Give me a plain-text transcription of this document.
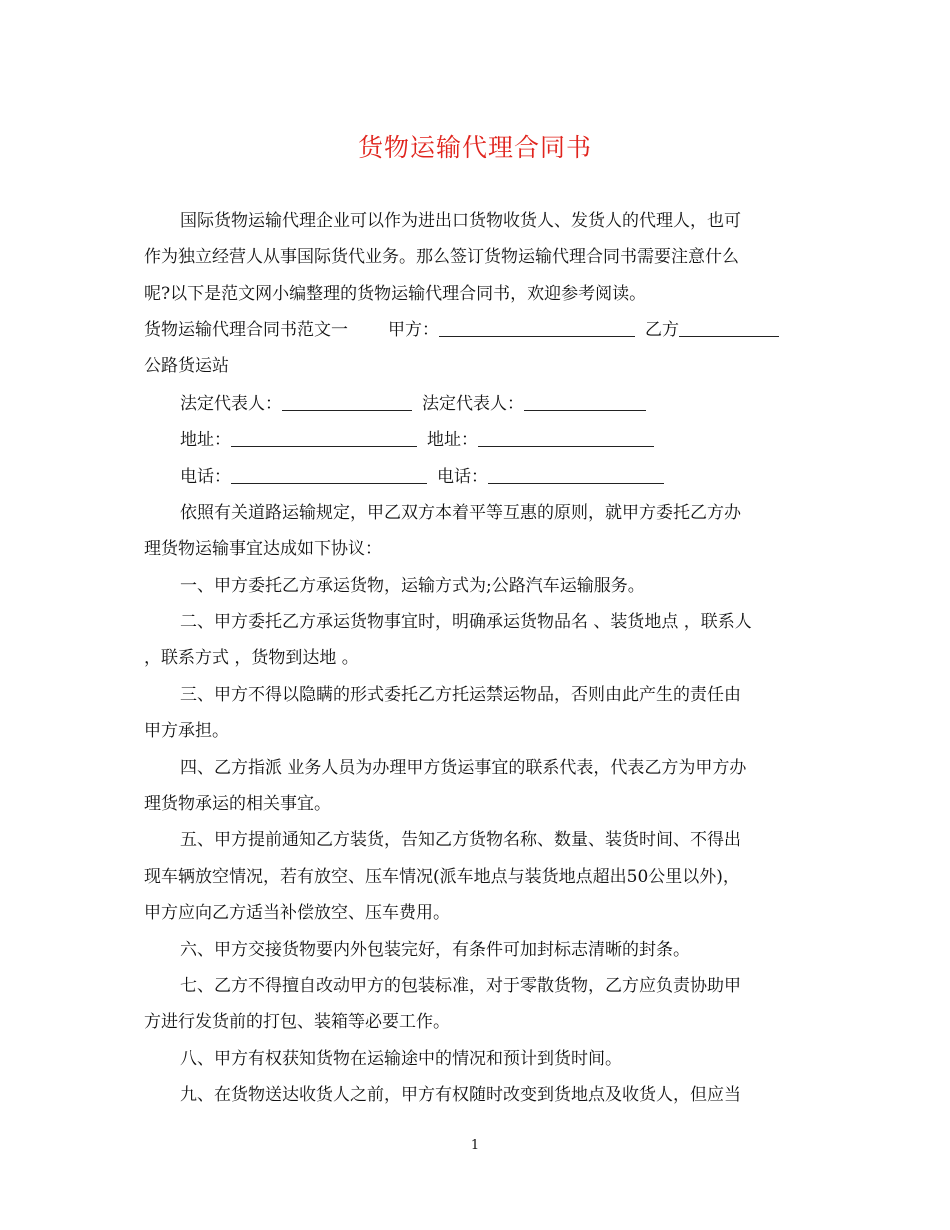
货物运输代理合同书
国际货物运输代理企业可以作为进出口货物收货人、发货人的代理人，也可
作为独立经营人从事国际货代业务。那么签订货物运输代理合同书需要注意什么
呢?以下是范文网小编整理的货物运输代理合同书，欢迎参考阅读。
货物运输代理合同书范文一 甲方：	乙方
公路货运站
法定代表人：	法定代表人：
地址：	地址：
电话：	电话：
依照有关道路运输规定，甲乙双方本着平等互惠的原则，就甲方委托乙方办
理货物运输事宜达成如下协议：
一、甲方委托乙方承运货物，运输方式为;公路汽车运输服务。
二、甲方委托乙方承运货物事宜时，明确承运货物品名 、装货地点 ，联系人
，联系方式 ，货物到达地 。
三、甲方不得以隐瞒的形式委托乙方托运禁运物品，否则由此产生的责任由
甲方承担。
四、乙方指派 业务人员为办理甲方货运事宜的联系代表，代表乙方为甲方办
理货物承运的相关事宜。
五、甲方提前通知乙方装货，告知乙方货物名称、数量、装货时间、不得出
现车辆放空情况，若有放空、压车情况(派车地点与装货地点超出50公里以外)，
甲方应向乙方适当补偿放空、压车费用。
六、甲方交接货物要内外包装完好，有条件可加封标志清晰的封条。
七、乙方不得擅自改动甲方的包装标准，对于零散货物，乙方应负责协助甲
方进行发货前的打包、装箱等必要工作。
八、甲方有权获知货物在运输途中的情况和预计到货时间。
九、在货物送达收货人之前，甲方有权随时改变到货地点及收货人，但应当
1
